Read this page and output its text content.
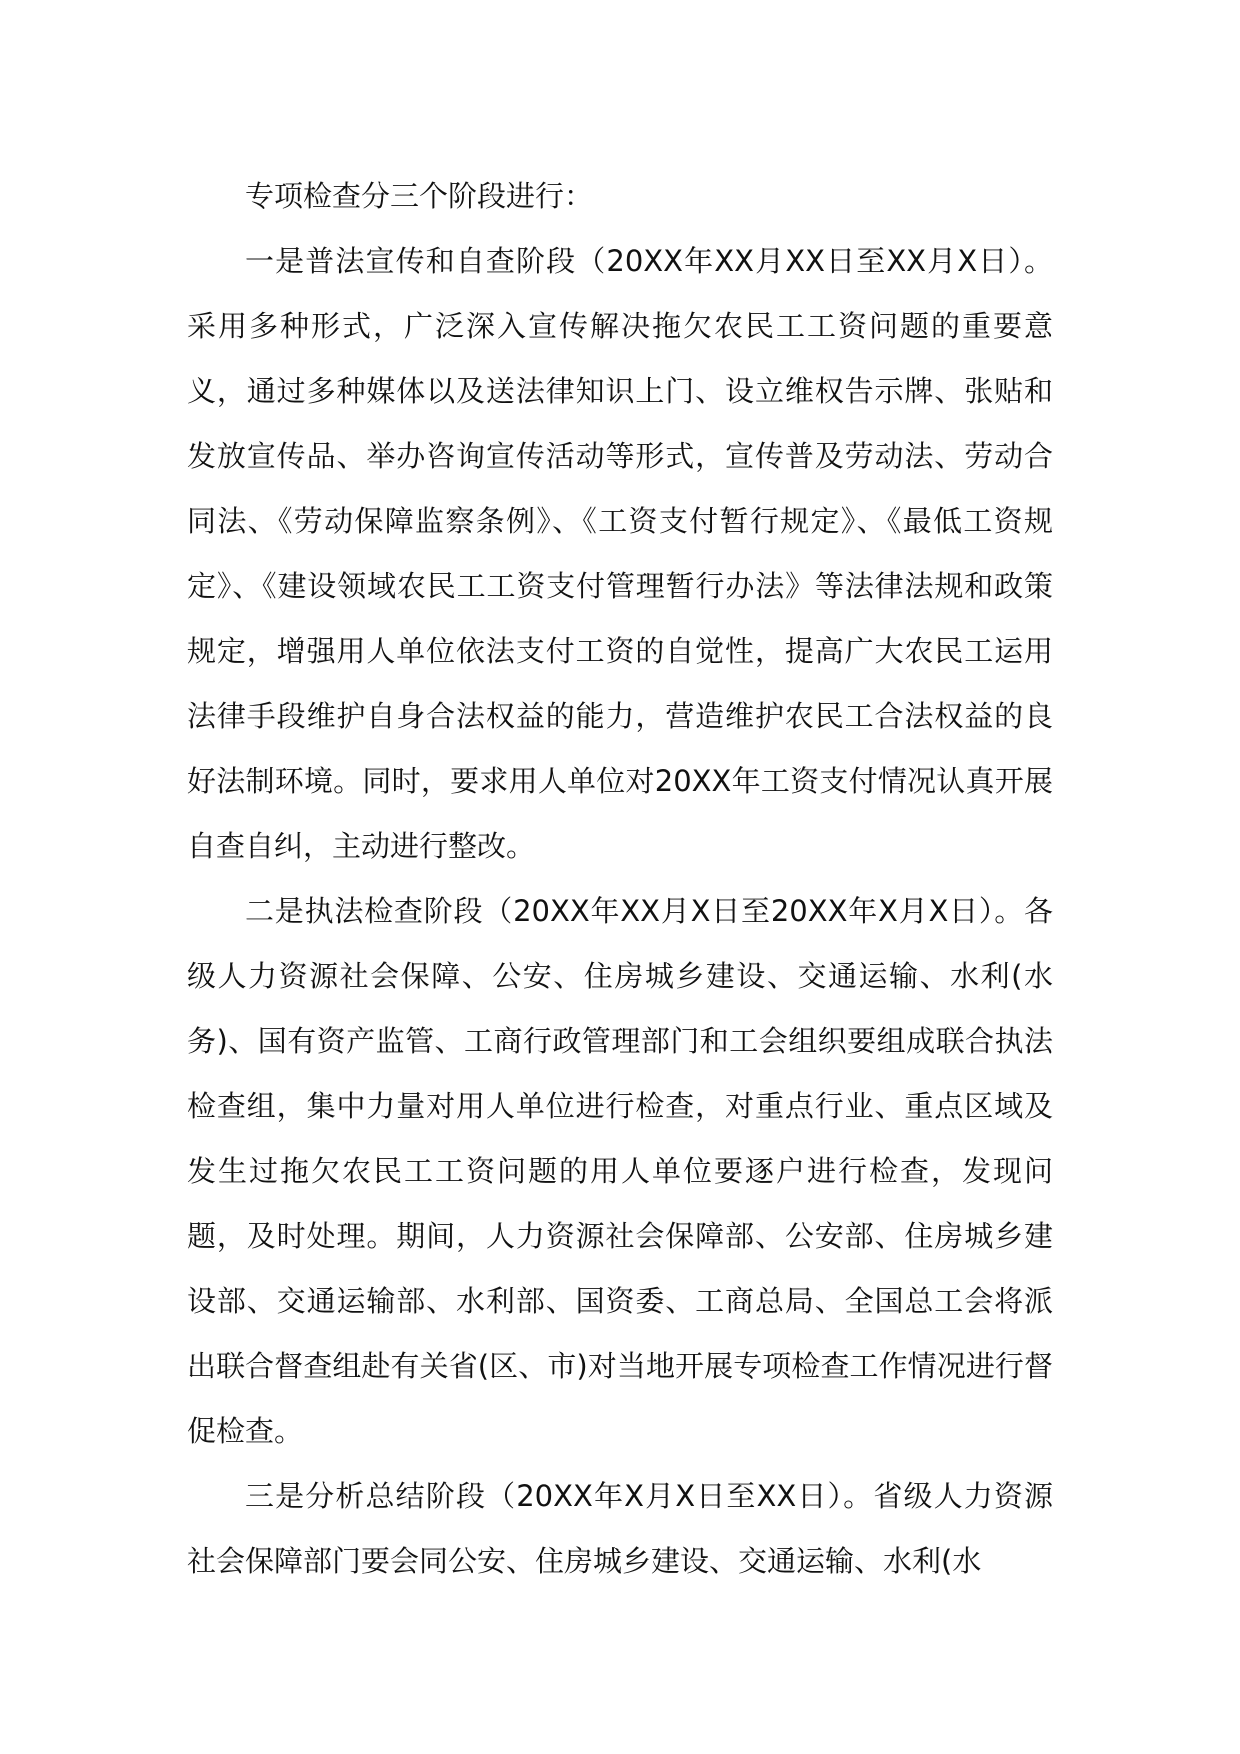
专项检查分三个阶段进行：

一是普法宣传和自查阶段（20XX年XX月XX日至XX月X日）。采用多种形式，广泛深入宣传解决拖欠农民工工资问题的重要意义，通过多种媒体以及送法律知识上门、设立维权告示牌、张贴和发放宣传品、举办咨询宣传活动等形式，宣传普及劳动法、劳动合同法、《劳动保障监察条例》、《工资支付暂行规定》、《最低工资规定》、《建设领域农民工工资支付管理暂行办法》等法律法规和政策规定，增强用人单位依法支付工资的自觉性，提高广大农民工运用法律手段维护自身合法权益的能力，营造维护农民工合法权益的良好法制环境。同时，要求用人单位对20XX年工资支付情况认真开展自查自纠，主动进行整改。

二是执法检查阶段（20XX年XX月X日至20XX年X月X日）。各级人力资源社会保障、公安、住房城乡建设、交通运输、水利(水务)、国有资产监管、工商行政管理部门和工会组织要组成联合执法检查组，集中力量对用人单位进行检查，对重点行业、重点区域及发生过拖欠农民工工资问题的用人单位要逐户进行检查，发现问题，及时处理。期间，人力资源社会保障部、公安部、住房城乡建设部、交通运输部、水利部、国资委、工商总局、全国总工会将派出联合督查组赴有关省(区、市)对当地开展专项检查工作情况进行督促检查。

三是分析总结阶段（20XX年X月X日至XX日）。省级人力资源社会保障部门要会同公安、住房城乡建设、交通运输、水利(水
